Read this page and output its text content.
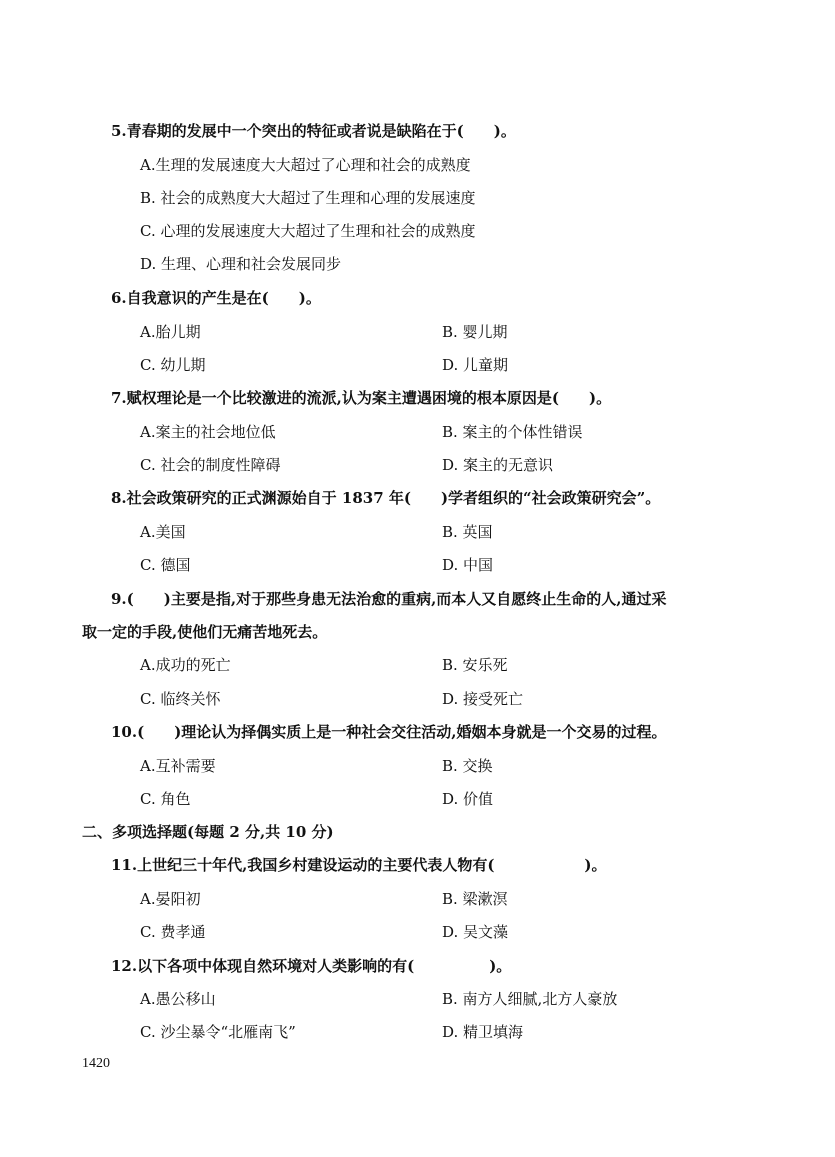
5.青春期的发展中一个突出的特征或者说是缺陷在于(　　)。
A.生理的发展速度大大超过了心理和社会的成熟度
B. 社会的成熟度大大超过了生理和心理的发展速度
C. 心理的发展速度大大超过了生理和社会的成熟度
D. 生理、心理和社会发展同步
6.自我意识的产生是在(　　)。
A.胎儿期	B. 婴儿期
C. 幼儿期	D. 儿童期
7.赋权理论是一个比较激进的流派,认为案主遭遇困境的根本原因是(　　)。
A.案主的社会地位低	B. 案主的个体性错误
C. 社会的制度性障碍	D. 案主的无意识
8.社会政策研究的正式渊源始自于 1837 年(　　)学者组织的“社会政策研究会”。
A.美国	B. 英国
C. 德国	D. 中国
9.(　　)主要是指,对于那些身患无法治愈的重病,而本人又自愿终止生命的人,通过采
取一定的手段,使他们无痛苦地死去。
A.成功的死亡	B. 安乐死
C. 临终关怀	D. 接受死亡
10.(　　)理论认为择偶实质上是一种社会交往活动,婚姻本身就是一个交易的过程。
A.互补需要	B. 交换
C. 角色	D. 价值
二、多项选择题(每题 2 分,共 10 分)
11.上世纪三十年代,我国乡村建设运动的主要代表人物有(　　　　　　)。
A.晏阳初	B. 梁漱溟
C. 费孝通	D. 吴文藻
12.以下各项中体现自然环境对人类影响的有(　　　　　)。
A.愚公移山	B. 南方人细腻,北方人豪放
C. 沙尘暴令“北雁南飞”	D. 精卫填海
1420
